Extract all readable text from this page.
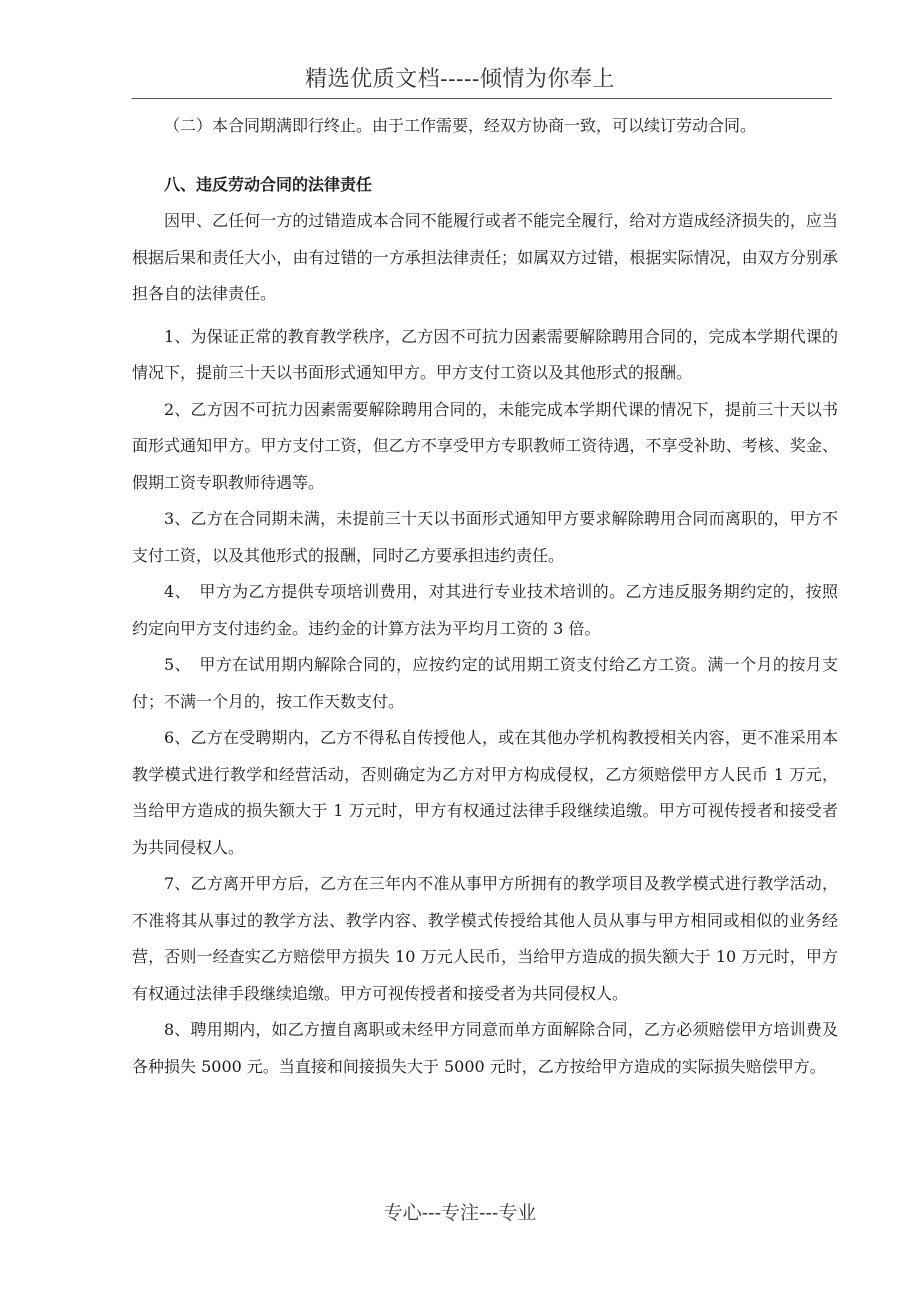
精选优质文档-----倾情为你奉上

（二）本合同期满即行终止。由于工作需要，经双方协商一致，可以续订劳动合同。

八、违反劳动合同的法律责任

因甲、乙任何一方的过错造成本合同不能履行或者不能完全履行，给对方造成经济损失的，应当根据后果和责任大小，由有过错的一方承担法律责任；如属双方过错，根据实际情况，由双方分别承担各自的法律责任。

1、为保证正常的教育教学秩序，乙方因不可抗力因素需要解除聘用合同的，完成本学期代课的情况下，提前三十天以书面形式通知甲方。甲方支付工资以及其他形式的报酬。

2、乙方因不可抗力因素需要解除聘用合同的，未能完成本学期代课的情况下，提前三十天以书面形式通知甲方。甲方支付工资，但乙方不享受甲方专职教师工资待遇，不享受补助、考核、奖金、假期工资专职教师待遇等。

3、乙方在合同期未满，未提前三十天以书面形式通知甲方要求解除聘用合同而离职的，甲方不支付工资，以及其他形式的报酬，同时乙方要承担违约责任。

4、　甲方为乙方提供专项培训费用，对其进行专业技术培训的。乙方违反服务期约定的，按照约定向甲方支付违约金。违约金的计算方法为平均月工资的 3 倍。

5、　甲方在试用期内解除合同的，应按约定的试用期工资支付给乙方工资。满一个月的按月支付；不满一个月的，按工作天数支付。

6、乙方在受聘期内，乙方不得私自传授他人，或在其他办学机构教授相关内容，更不准采用本教学模式进行教学和经营活动，否则确定为乙方对甲方构成侵权，乙方须赔偿甲方人民币 1 万元，当给甲方造成的损失额大于 1 万元时，甲方有权通过法律手段继续追缴。甲方可视传授者和接受者为共同侵权人。

7、乙方离开甲方后，乙方在三年内不准从事甲方所拥有的教学项目及教学模式进行教学活动，不准将其从事过的教学方法、教学内容、教学模式传授给其他人员从事与甲方相同或相似的业务经营，否则一经查实乙方赔偿甲方损失 10 万元人民币，当给甲方造成的损失额大于 10 万元时，甲方有权通过法律手段继续追缴。甲方可视传授者和接受者为共同侵权人。

8、聘用期内，如乙方擅自离职或未经甲方同意而单方面解除合同，乙方必须赔偿甲方培训费及各种损失 5000 元。当直接和间接损失大于 5000 元时，乙方按给甲方造成的实际损失赔偿甲方。

专心---专注---专业
